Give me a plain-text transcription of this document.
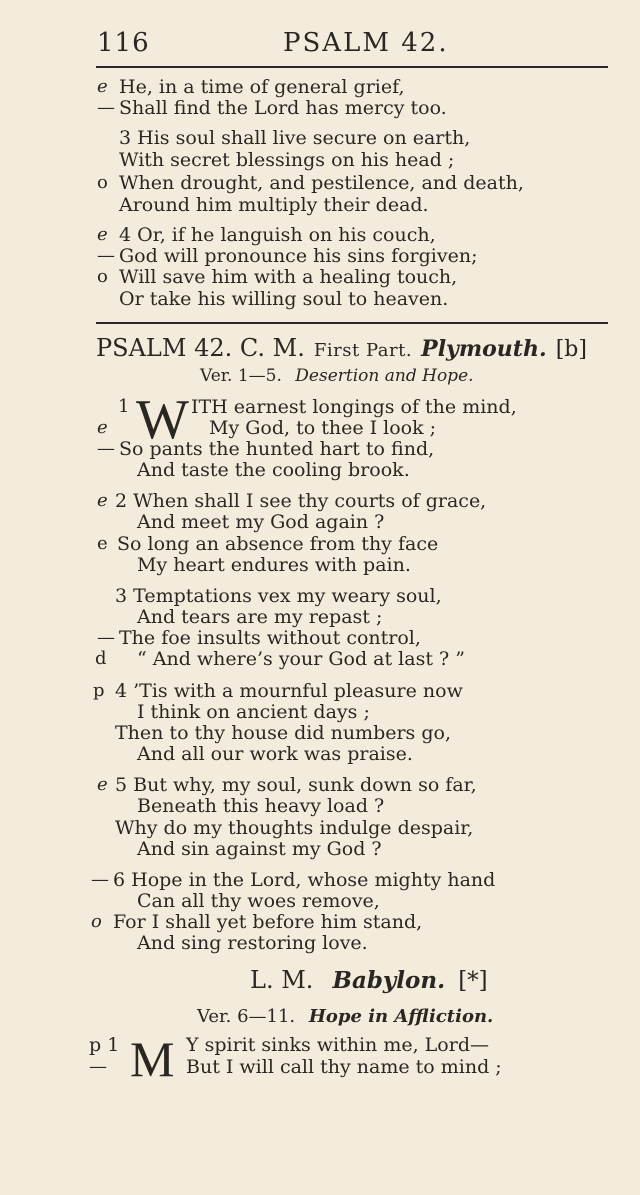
116	PSALM 42.
e He, in a time of general grief,
— Shall find the Lord has mercy too.
3 His soul shall live secure on earth,
With secret blessings on his head ;
o When drought, and pestilence, and death,
Around him multiply their dead.
e 4 Or, if he languish on his couch,
— God will pronounce his sins forgiven;
o Will save him with a healing touch,
Or take his willing soul to heaven.
PSALM 42. C. M. First Part. Plymouth. [b]
Ver. 1—5. Desertion and Hope.
1 W ITH earnest longings of the mind,
e	My God, to thee I look ;
— So pants the hunted hart to find,
And taste the cooling brook.
e 2 When shall I see thy courts of grace,
And meet my God again ?
e So long an absence from thy face
My heart endures with pain.
3 Temptations vex my weary soul,
And tears are my repast ;
— The foe insults without control,
d “ And where’s your God at last ? ”
p 4 ’Tis with a mournful pleasure now
I think on ancient days ;
Then to thy house did numbers go,
And all our work was praise.
e 5 But why, my soul, sunk down so far,
Beneath this heavy load ?
Why do my thoughts indulge despair,
And sin against my God ?
— 6 Hope in the Lord, whose mighty hand
Can all thy woes remove,
o For I shall yet before him stand,
And sing restoring love.
L. M. Babylon. [*]
Ver. 6—11. Hope in Affliction.
p 1 M Y spirit sinks within me, Lord—
—	But I will call thy name to mind ;
